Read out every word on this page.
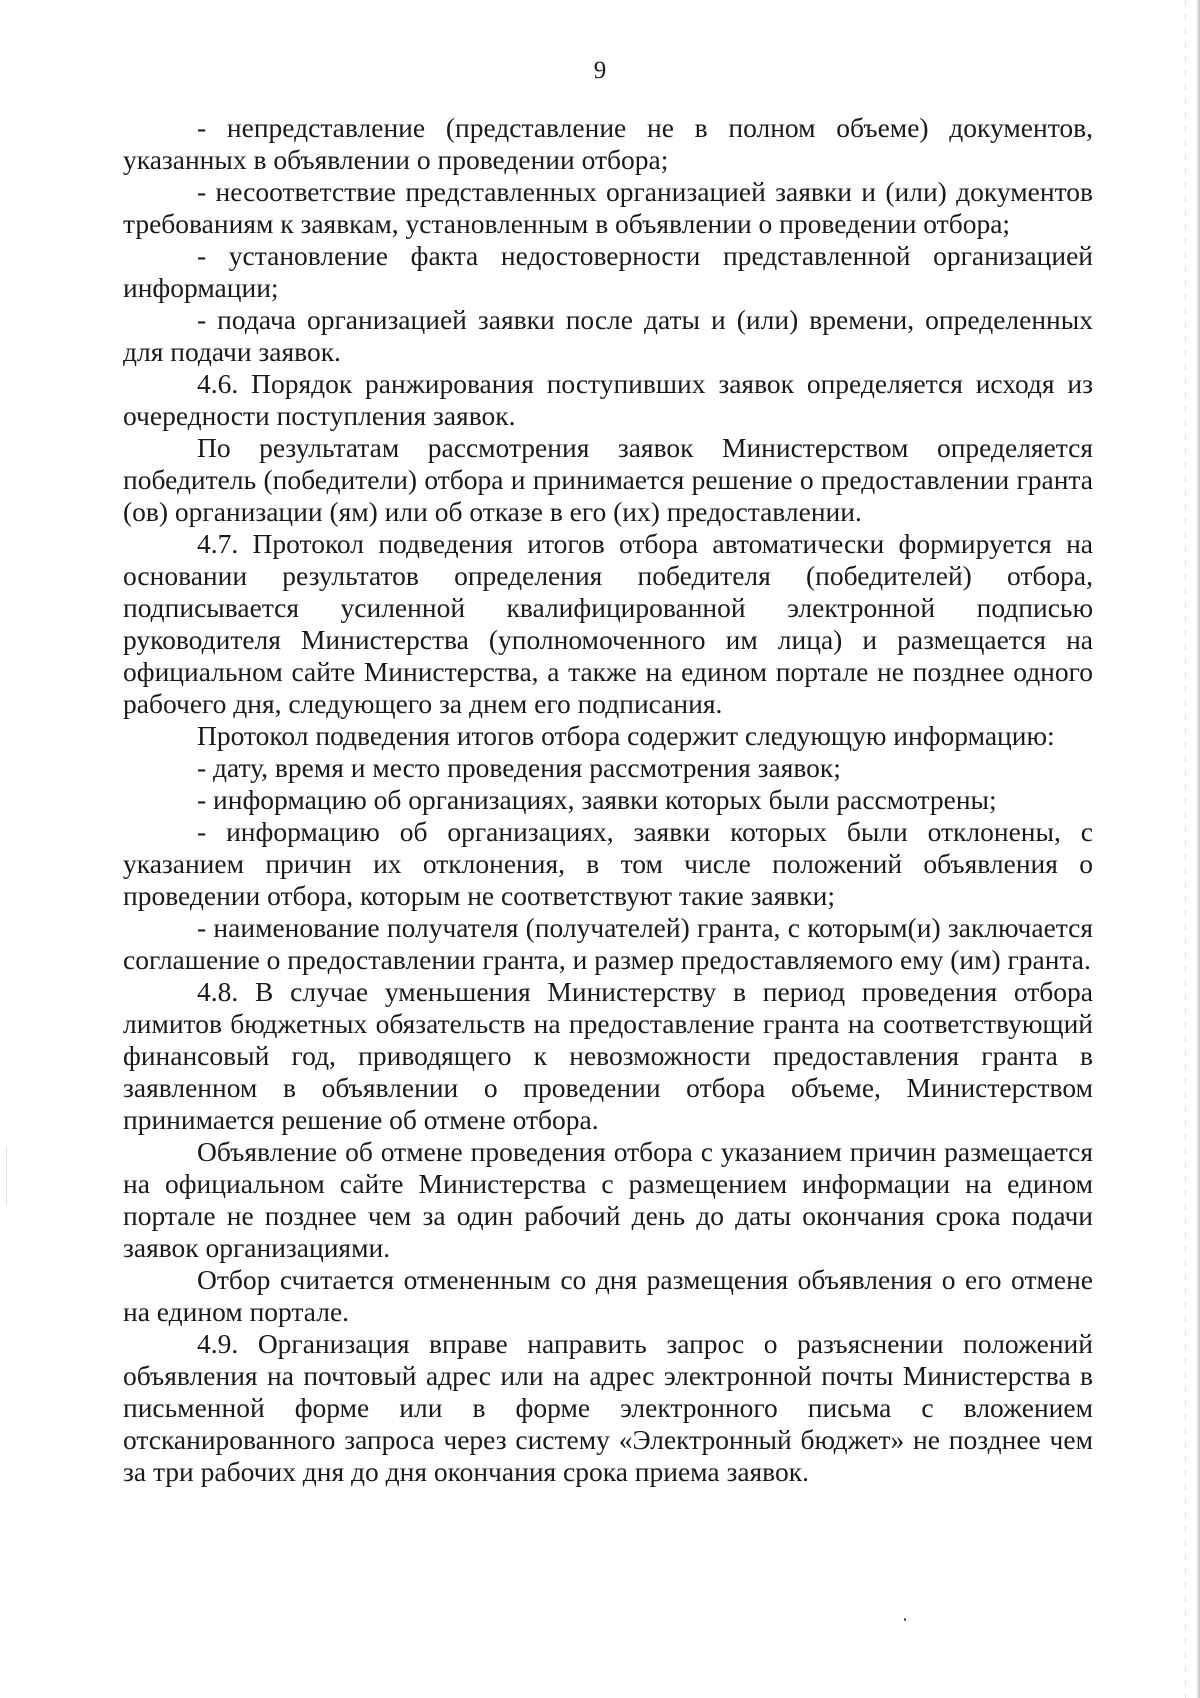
9

- непредставление (представление не в полном объеме) документов, указанных в объявлении о проведении отбора;

- несоответствие представленных организацией заявки и (или) документов требованиям к заявкам, установленным в объявлении о проведении отбора;

- установление факта недостоверности представленной организацией информации;

- подача организацией заявки после даты и (или) времени, определенных для подачи заявок.

4.6. Порядок ранжирования поступивших заявок определяется исходя из очередности поступления заявок.

По результатам рассмотрения заявок Министерством определяется победитель (победители) отбора и принимается решение о предоставлении гранта (ов) организации (ям) или об отказе в его (их) предоставлении.

4.7. Протокол подведения итогов отбора автоматически формируется на основании результатов определения победителя (победителей) отбора, подписывается усиленной квалифицированной электронной подписью руководителя Министерства (уполномоченного им лица) и размещается на официальном сайте Министерства, а также на едином портале не позднее одного рабочего дня, следующего за днем его подписания.

Протокол подведения итогов отбора содержит следующую информацию:

- дату, время и место проведения рассмотрения заявок;

- информацию об организациях, заявки которых были рассмотрены;

- информацию об организациях, заявки которых были отклонены, с указанием причин их отклонения, в том числе положений объявления о проведении отбора, которым не соответствуют такие заявки;

- наименование получателя (получателей) гранта, с которым(и) заключается соглашение о предоставлении гранта, и размер предоставляемого ему (им) гранта.

4.8. В случае уменьшения Министерству в период проведения отбора лимитов бюджетных обязательств на предоставление гранта на соответствующий финансовый год, приводящего к невозможности предоставления гранта в заявленном в объявлении о проведении отбора объеме, Министерством принимается решение об отмене отбора.

Объявление об отмене проведения отбора с указанием причин размещается на официальном сайте Министерства с размещением информации на едином портале не позднее чем за один рабочий день до даты окончания срока подачи заявок организациями.

Отбор считается отмененным со дня размещения объявления о его отмене на едином портале.

4.9. Организация вправе направить запрос о разъяснении положений объявления на почтовый адрес или на адрес электронной почты Министерства в письменной форме или в форме электронного письма с вложением отсканированного запроса через систему «Электронный бюджет» не позднее чем за три рабочих дня до дня окончания срока приема заявок.
